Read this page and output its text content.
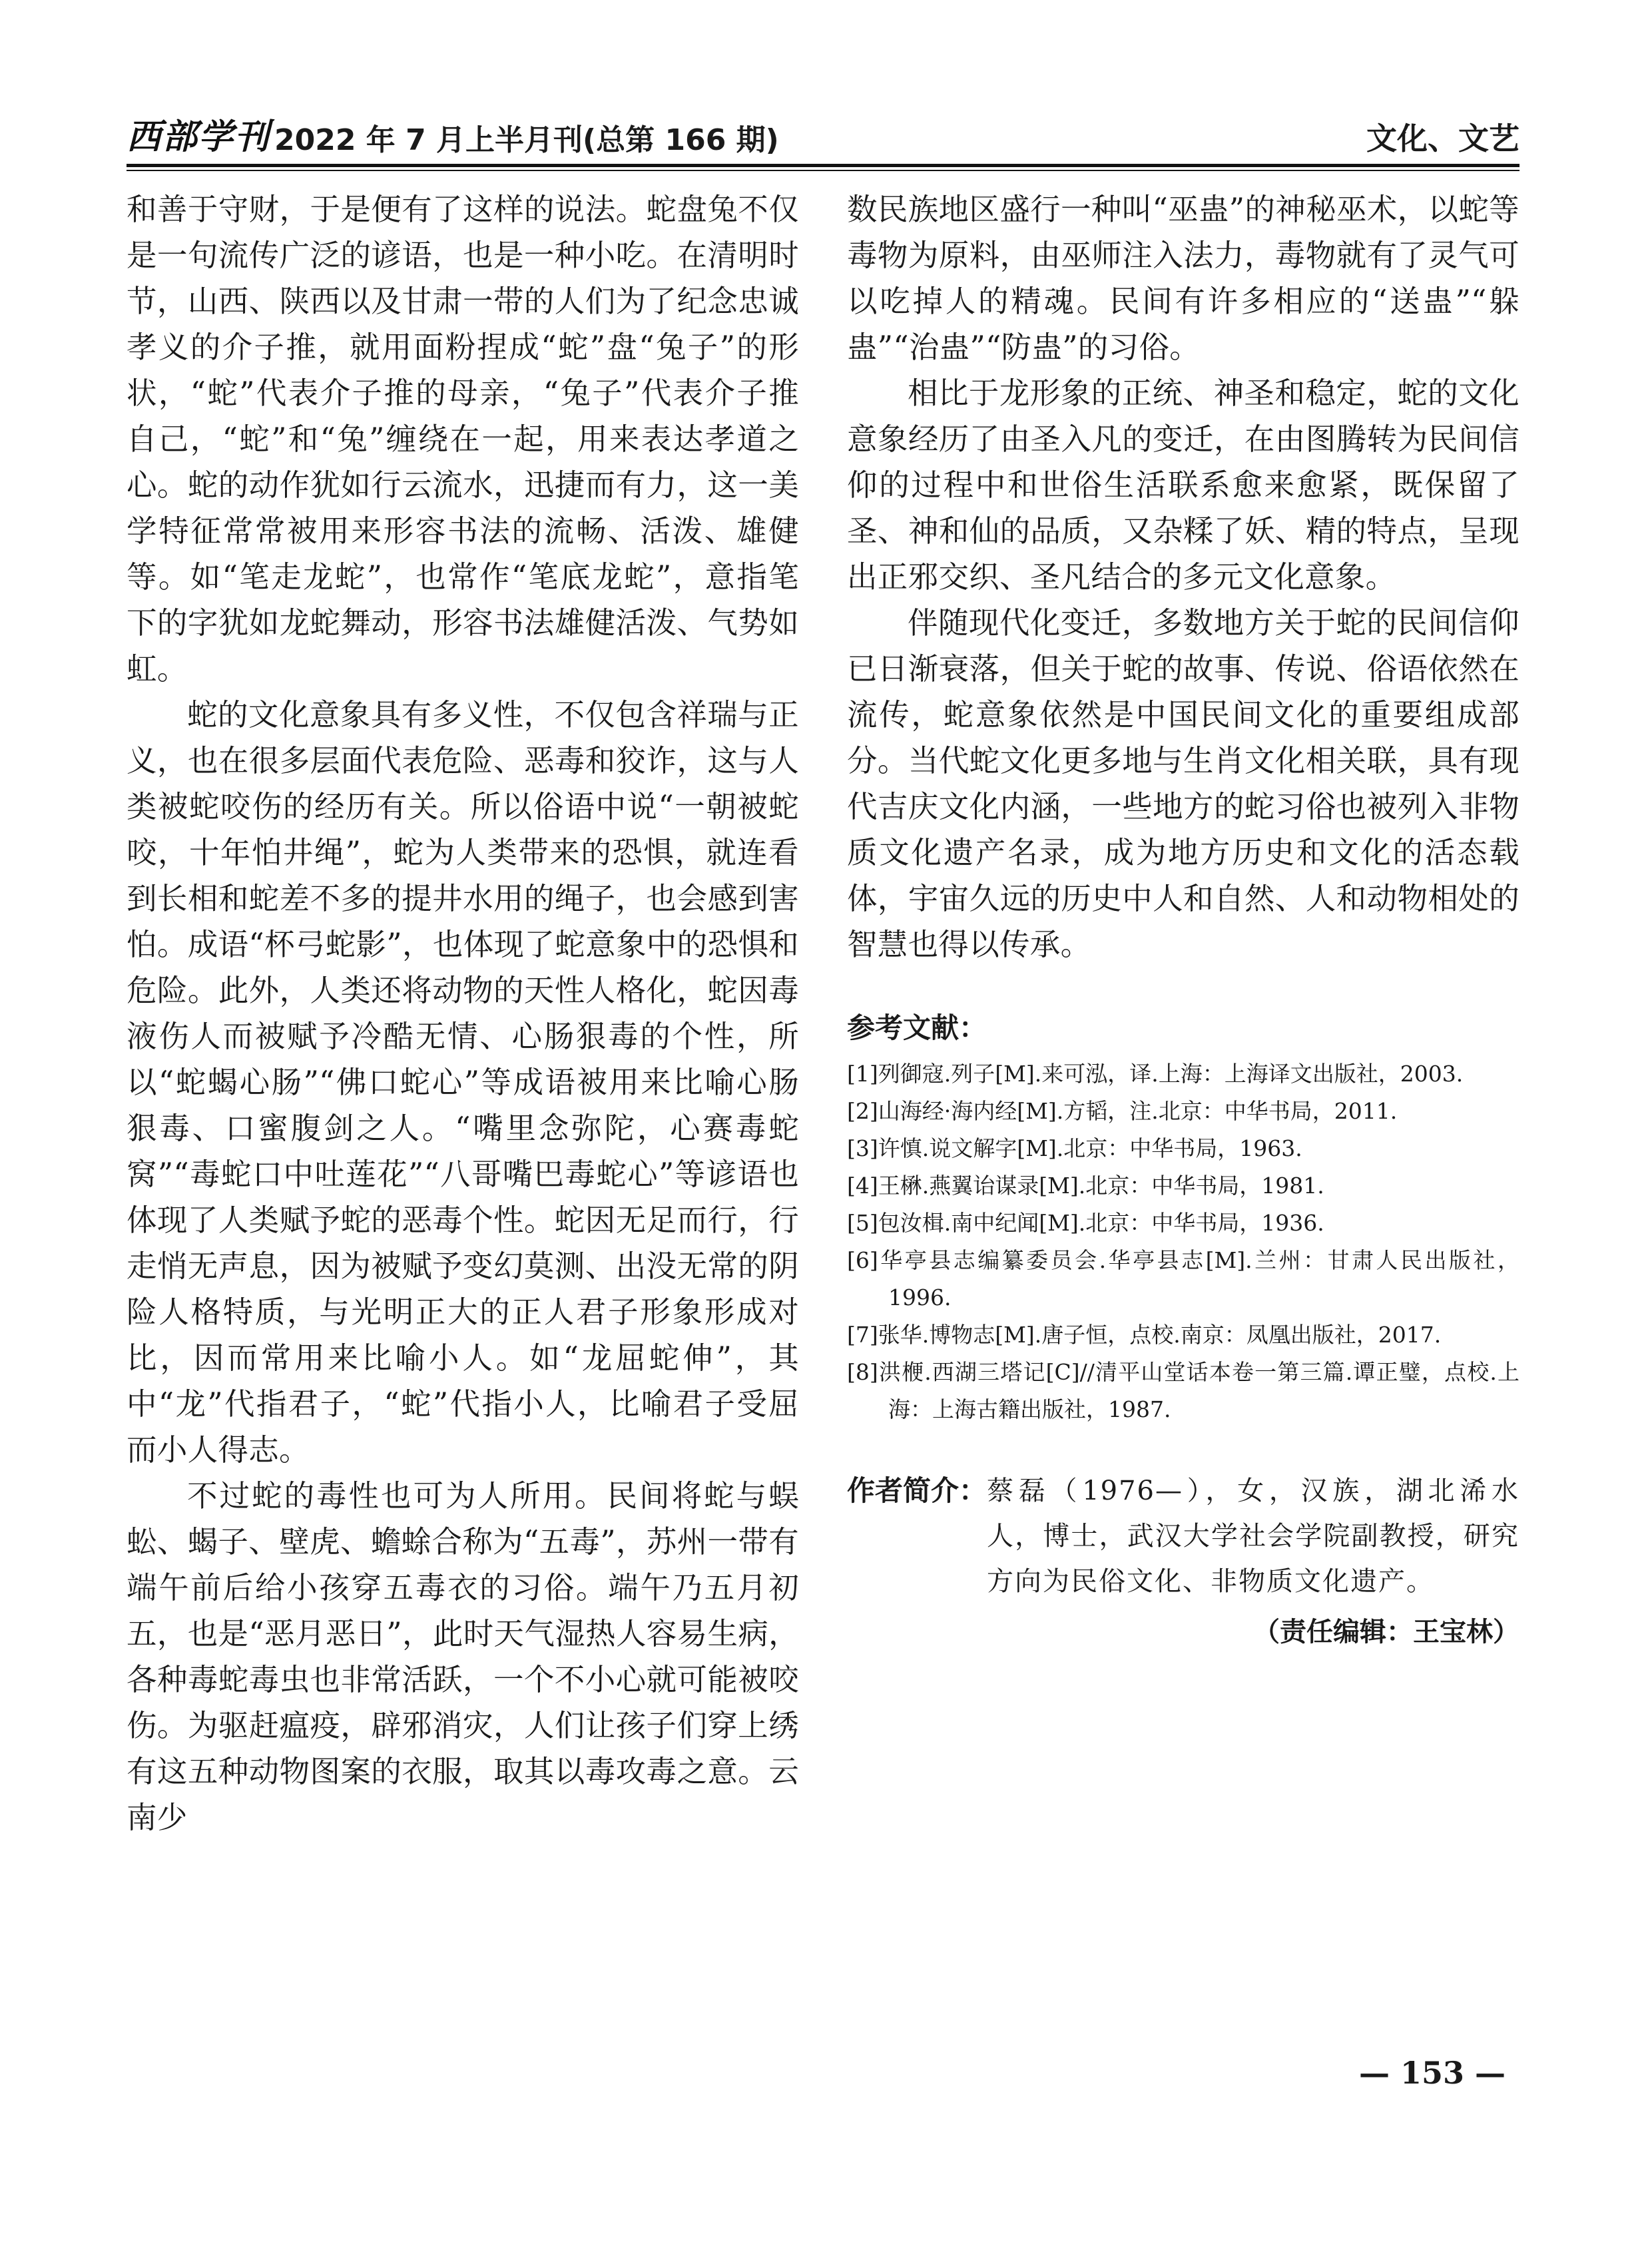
西部学刊 2022 年 7 月上半月刊(总第 166 期)	文化、文艺

和善于守财，于是便有了这样的说法。蛇盘兔不仅是一句流传广泛的谚语，也是一种小吃。在清明时节，山西、陕西以及甘肃一带的人们为了纪念忠诚孝义的介子推，就用面粉捏成“蛇”盘“兔子”的形状，“蛇”代表介子推的母亲，“兔子”代表介子推自己，“蛇”和“兔”缠绕在一起，用来表达孝道之心。蛇的动作犹如行云流水，迅捷而有力，这一美学特征常常被用来形容书法的流畅、活泼、雄健等。如“笔走龙蛇”，也常作“笔底龙蛇”，意指笔下的字犹如龙蛇舞动，形容书法雄健活泼、气势如虹。

蛇的文化意象具有多义性，不仅包含祥瑞与正义，也在很多层面代表危险、恶毒和狡诈，这与人类被蛇咬伤的经历有关。所以俗语中说“一朝被蛇咬，十年怕井绳”，蛇为人类带来的恐惧，就连看到长相和蛇差不多的提井水用的绳子，也会感到害怕。成语“杯弓蛇影”，也体现了蛇意象中的恐惧和危险。此外，人类还将动物的天性人格化，蛇因毒液伤人而被赋予冷酷无情、心肠狠毒的个性，所以“蛇蝎心肠”“佛口蛇心”等成语被用来比喻心肠狠毒、口蜜腹剑之人。“嘴里念弥陀，心赛毒蛇窝”“毒蛇口中吐莲花”“八哥嘴巴毒蛇心”等谚语也体现了人类赋予蛇的恶毒个性。蛇因无足而行，行走悄无声息，因为被赋予变幻莫测、出没无常的阴险人格特质，与光明正大的正人君子形象形成对比，因而常用来比喻小人。如“龙屈蛇伸”，其中“龙”代指君子，“蛇”代指小人，比喻君子受屈而小人得志。

不过蛇的毒性也可为人所用。民间将蛇与蜈蚣、蝎子、壁虎、蟾蜍合称为“五毒”，苏州一带有端午前后给小孩穿五毒衣的习俗。端午乃五月初五，也是“恶月恶日”，此时天气湿热人容易生病，各种毒蛇毒虫也非常活跃，一个不小心就可能被咬伤。为驱赶瘟疫，辟邪消灾，人们让孩子们穿上绣有这五种动物图案的衣服，取其以毒攻毒之意。云南少

数民族地区盛行一种叫“巫蛊”的神秘巫术，以蛇等毒物为原料，由巫师注入法力，毒物就有了灵气可以吃掉人的精魂。民间有许多相应的“送蛊”“躲蛊”“治蛊”“防蛊”的习俗。

相比于龙形象的正统、神圣和稳定，蛇的文化意象经历了由圣入凡的变迁，在由图腾转为民间信仰的过程中和世俗生活联系愈来愈紧，既保留了圣、神和仙的品质，又杂糅了妖、精的特点，呈现出正邪交织、圣凡结合的多元文化意象。

伴随现代化变迁，多数地方关于蛇的民间信仰已日渐衰落，但关于蛇的故事、传说、俗语依然在流传，蛇意象依然是中国民间文化的重要组成部分。当代蛇文化更多地与生肖文化相关联，具有现代吉庆文化内涵，一些地方的蛇习俗也被列入非物质文化遗产名录，成为地方历史和文化的活态载体，宇宙久远的历史中人和自然、人和动物相处的智慧也得以传承。

参考文献：
[1]列御寇.列子[M].来可泓，译.上海：上海译文出版社，2003.
[2]山海经·海内经[M].方韬，注.北京：中华书局，2011.
[3]许慎.说文解字[M].北京：中华书局，1963.
[4]王楙.燕翼诒谋录[M].北京：中华书局，1981.
[5]包汝楫.南中纪闻[M].北京：中华书局，1936.
[6]华亭县志编纂委员会.华亭县志[M].兰州：甘肃人民出版社，1996.
[7]张华.博物志[M].唐子恒，点校.南京：凤凰出版社，2017.
[8]洪楩.西湖三塔记[C]//清平山堂话本卷一第三篇.谭正璧，点校.上海：上海古籍出版社，1987.
作者简介： 蔡磊（1976—），女，汉族，湖北浠水人，博士，武汉大学社会学院副教授，研究方向为民俗文化、非物质文化遗产。
（责任编辑：王宝林）
— 153 —
